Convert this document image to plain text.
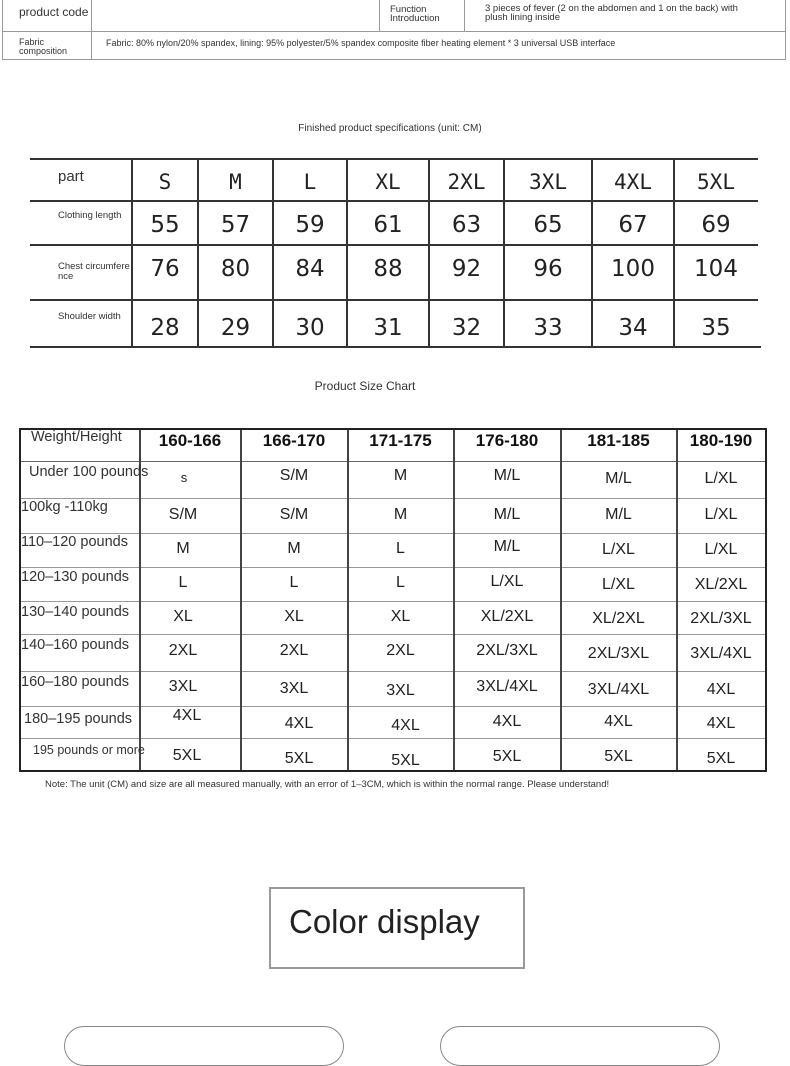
product code	Function
Introduction
3 pieces of fever (2 on the abdomen and 1 on the back) with
plush lining inside
Fabric
composition
Fabric: 80% nylon/20% spandex, lining: 95% polyester/5% spandex composite fiber heating element * 3 universal USB interface
Finished product specifications (unit: CM)
part	S	M	L	XL	2XL	3XL	4XL	5XL
Clothing length	55	57	59	61	63	65	67	69
Chest circumfere
nce	76	80	84	88	92	96	100	104
Shoulder width	28	29	30	31	32	33	34	35
Product Size Chart
Weight/Height	160-166	166-170	171-175	176-180	181-185	180-190
Under 100 pounds	s	S/M	M	M/L	M/L	L/XL
100kg -110kg	S/M	S/M	M	M/L	M/L	L/XL
110–120 pounds	M	M	L	M/L	L/XL	L/XL
120–130 pounds	L	L	L	L/XL	L/XL	XL/2XL
130–140 pounds	XL	XL	XL	XL/2XL	XL/2XL	2XL/3XL
140–160 pounds	2XL	2XL	2XL	2XL/3XL	2XL/3XL	3XL/4XL
160–180 pounds	3XL	3XL	3XL	3XL/4XL	3XL/4XL	4XL
180–195 pounds	4XL	4XL	4XL	4XL	4XL	4XL
195 pounds or more	5XL	5XL	5XL	5XL	5XL	5XL
Note: The unit (CM) and size are all measured manually, with an error of 1–3CM, which is within the normal range. Please understand!
Color display
